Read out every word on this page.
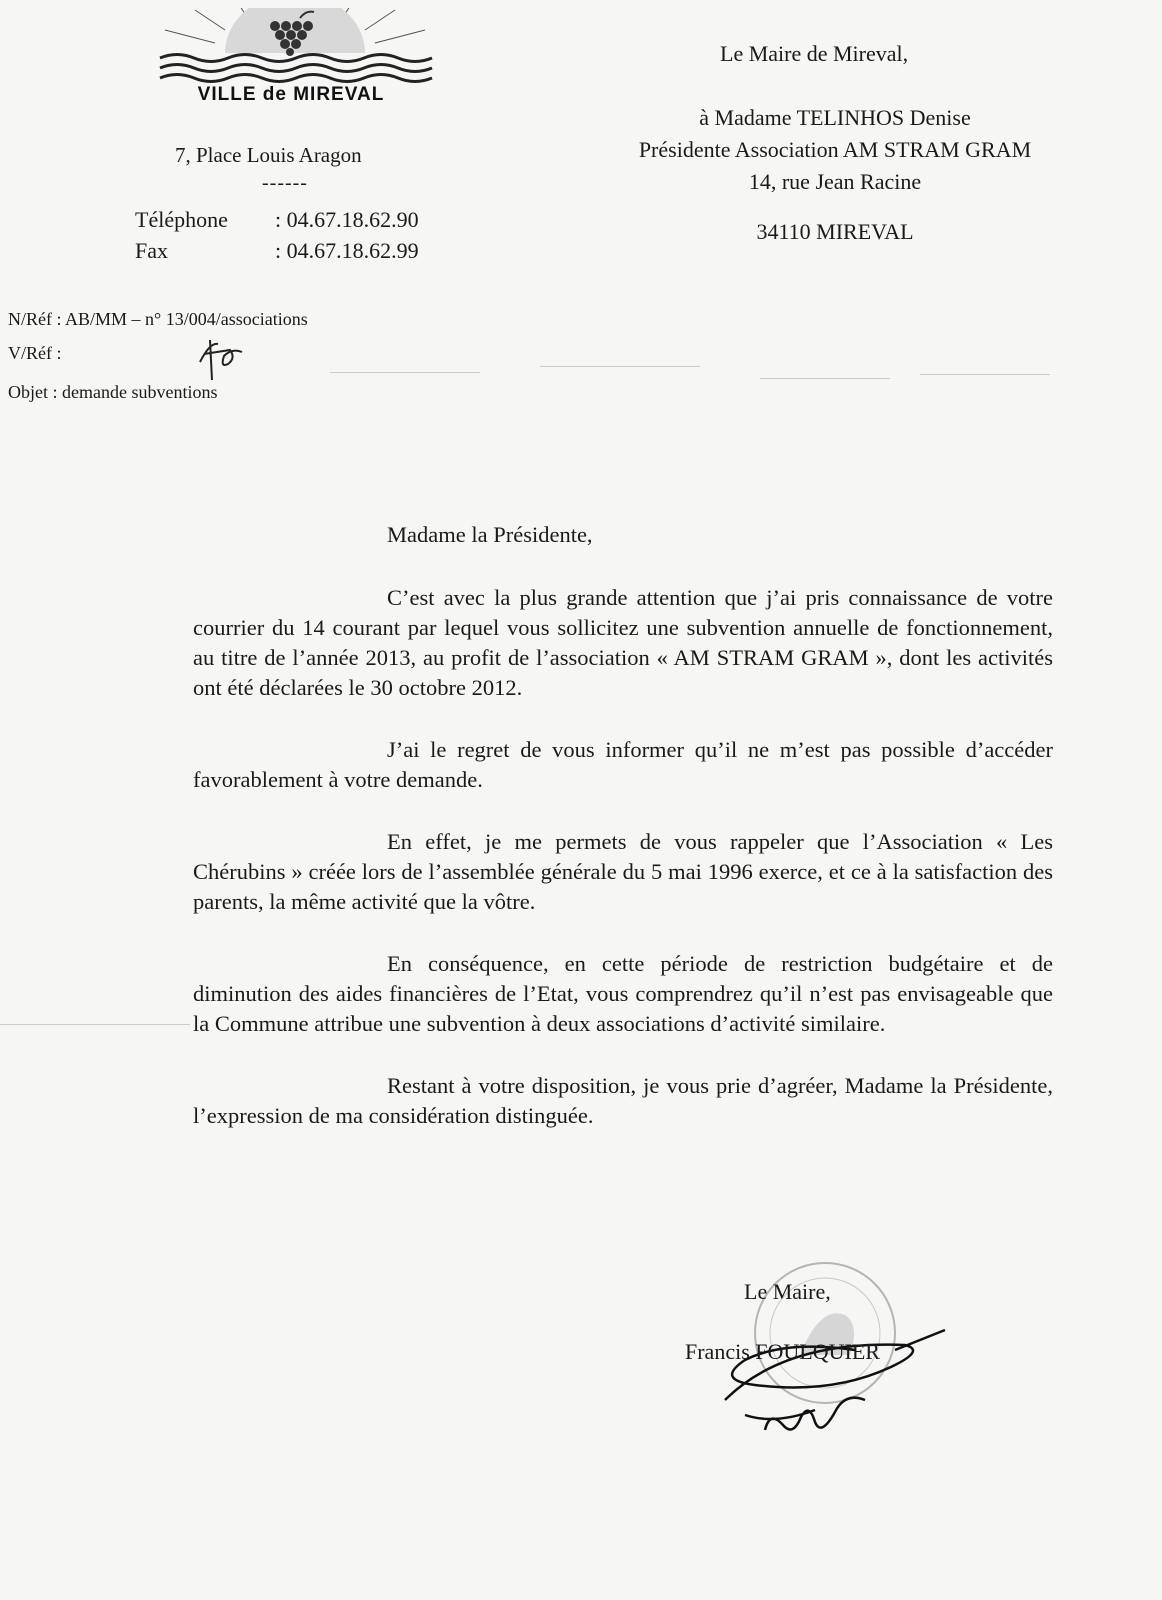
VILLE de MIREVAL
7, Place Louis Aragon
------
Téléphone	: 04.67.18.62.90
Fax	: 04.67.18.62.99
Le Maire de Mireval,
à Madame TELINHOS Denise
Présidente Association AM STRAM GRAM
14, rue Jean Racine
34110 MIREVAL
N/Réf : AB/MM – n° 13/004/associations
V/Réf :
Objet : demande subventions
Madame la Présidente,

C’est avec la plus grande attention que j’ai pris connaissance de votre courrier du 14 courant par lequel vous sollicitez une subvention annuelle de fonctionnement, au titre de l’année 2013, au profit de l’association « AM STRAM GRAM », dont les activités ont été déclarées le 30 octobre 2012.

J’ai le regret de vous informer qu’il ne m’est pas possible d’accéder favorablement à votre demande.

En effet, je me permets de vous rappeler que l’Association « Les Chérubins » créée lors de l’assemblée générale du 5 mai 1996 exerce, et ce à la satisfaction des parents, la même activité que la vôtre.

En conséquence, en cette période de restriction budgétaire et de diminution des aides financières de l’Etat, vous comprendrez qu’il n’est pas envisageable que la Commune attribue une subvention à deux associations d’activité similaire.

Restant à votre disposition, je vous prie d’agréer, Madame la Présidente, l’expression de ma considération distinguée.

Le Maire,
Francis FOULQUIER
